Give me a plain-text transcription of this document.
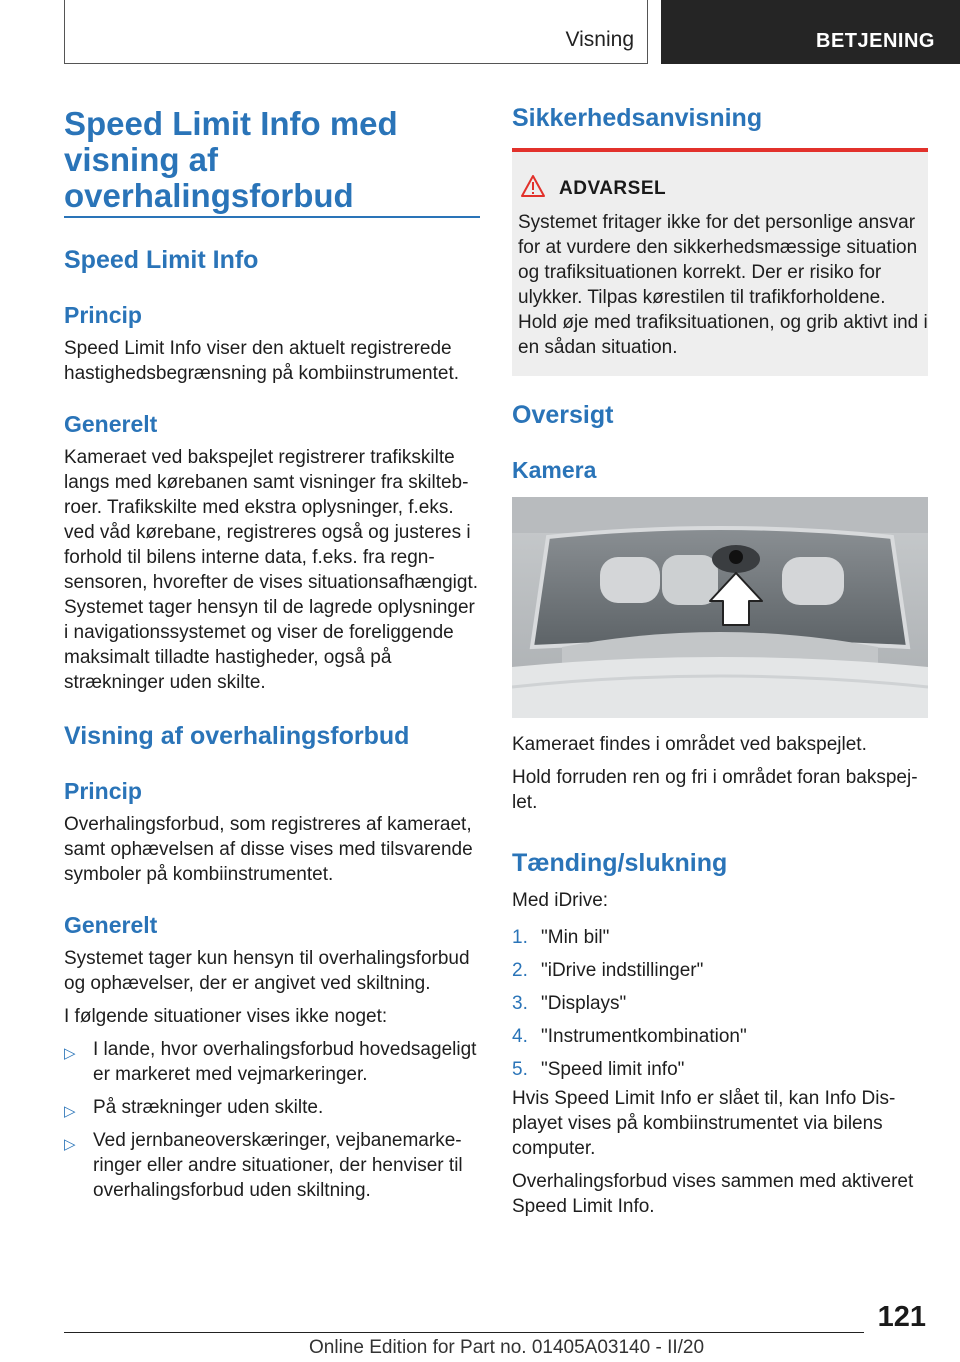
Visning	BETJENING
Speed Limit Info med visning af overhalingsforbud
Speed Limit Info
Princip
Speed Limit Info viser den aktuelt registrerede hastighedsbegrænsning på kombiinstrumentet.
Generelt
Kameraet ved bakspejlet registrerer trafikskilte langs med kørebanen samt visninger fra skiltebroer. Trafikskilte med ekstra oplysninger, f.eks. ved våd kørebane, registreres også og justeres i forhold til bilens interne data, f.eks. fra regnsensoren, hvorefter de vises situationsafhængigt. Systemet tager hensyn til de lagrede oplysninger i navigationssystemet og viser de foreliggende maksimalt tilladte hastigheder, også på strækninger uden skilte.
Visning af overhalingsforbud
Princip
Overhalingsforbud, som registreres af kameraet, samt ophævelsen af disse vises med tilsvarende symboler på kombiinstrumentet.
Generelt
Systemet tager kun hensyn til overhalingsforbud og ophævelser, der er angivet ved skiltning.
I følgende situationer vises ikke noget:
▷ I lande, hvor overhalingsforbud hovedsageligt er markeret med vejmarkeringer.
▷ På strækninger uden skilte.
▷ Ved jernbaneoverskæringer, vejbanemarkeringer eller andre situationer, der henviser til overhalingsforbud uden skiltning.
Sikkerhedsanvisning
ADVARSEL
Systemet fritager ikke for det personlige ansvar for at vurdere den sikkerhedsmæssige situation og trafiksituationen korrekt. Der er risiko for ulykker. Tilpas kørestilen til trafikforholdene. Hold øje med trafiksituationen, og grib aktivt ind i en sådan situation.
Oversigt
Kamera
Kameraet findes i området ved bakspejlet.
Hold forruden ren og fri i området foran bakspejlet.
Tænding/slukning
Med iDrive:
1. "Min bil"
2. "iDrive indstillinger"
3. "Displays"
4. "Instrumentkombination"
5. "Speed limit info"
Hvis Speed Limit Info er slået til, kan Info Displayet vises på kombiinstrumentet via bilens computer.
Overhalingsforbud vises sammen med aktiveret Speed Limit Info.
121
Online Edition for Part no. 01405A03140 - II/20
